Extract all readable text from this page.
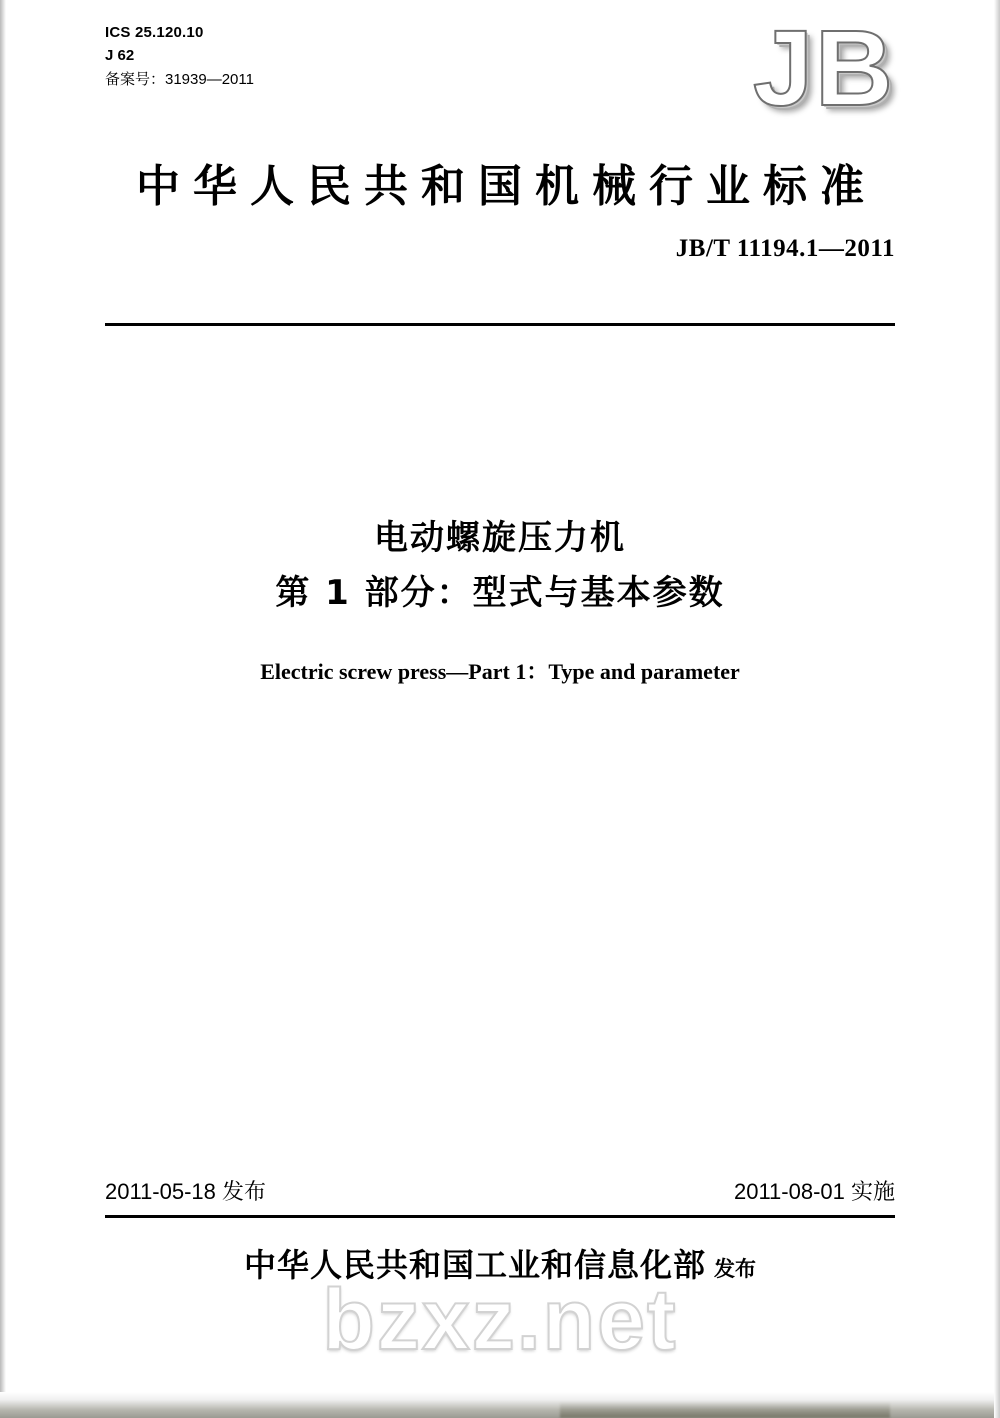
ICS 25.120.10
J 62
备案号：31939—2011	JB
中华人民共和国机械行业标准
JB/T 11194.1—2011
电动螺旋压力机
第 1 部分：型式与基本参数
Electric screw press—Part 1：Type and parameter
2011-05-18 发布	2011-08-01 实施
中华人民共和国工业和信息化部 发布
bzxz.net
